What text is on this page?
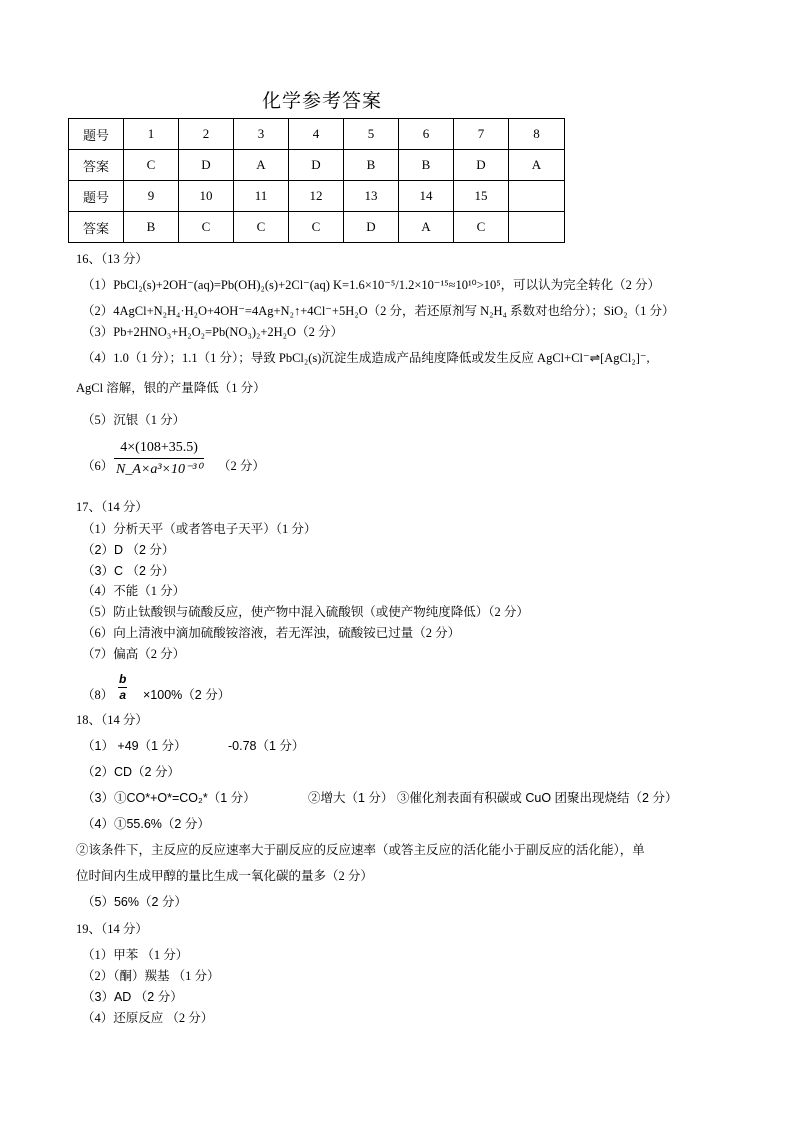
化学参考答案
题号	1	2	3	4	5	6	7	8
答案	C	D	A	D	B	B	D	A
题号	9	10	11	12	13	14	15	
答案	B	C	C	C	D	A	C	
16、（13 分）
（1）PbCl₂(s)+2OH⁻(aq)=Pb(OH)₂(s)+2Cl⁻(aq) K=1.6×10⁻⁵/1.2×10⁻¹⁵≈10¹⁰>10⁵，可以认为完全转化（2 分）
（2）4AgCl+N₂H₄·H₂O+4OH⁻=4Ag+N₂↑+4Cl⁻+5H₂O（2 分，若还原剂写 N₂H₄ 系数对也给分）；SiO₂（1 分）
（3）Pb+2HNO₃+H₂O₂=Pb(NO₃)₂+2H₂O（2 分）
（4）1.0（1 分）；1.1（1 分）；导致 PbCl₂(s)沉淀生成造成产品纯度降低或发生反应 AgCl+Cl⁻⇌[AgCl₂]⁻,
AgCl 溶解，银的产量降低（1 分）
（5）沉银（1 分）
$(6) \frac{4\times(108+35.5)}{\text{N\_A×a³×10⁻³⁰}} (2$ 分）
17、（14 分）
（1）分析天平（或者答电子天平）（1 分）
（2）D （2 分）
（3）C （2 分）
（4）不能（1 分）
（5）防止钛酸钡与硫酸反应，使产物中混入硫酸钡（或使产物纯度降低）（2 分）
（6）向上清液中滴加硫酸铵溶液，若无浑浊，硫酸铵已过量（2 分）
（7）偏高（2 分）
$(8) \frac{b}{a} \times 100\%(2$ 分）
18、（14 分）
（1） +49（1 分）	-0.78（1 分）
（2）CD（2 分）
（3）①CO*+O*=CO₂*（1 分）	②增大（1 分） ③催化剂表面有积碳或 CuO 团聚出现烧结（2 分）
（4）①55.6%（2 分）
②该条件下，主反应的反应速率大于副反应的反应速率（或答主反应的活化能小于副反应的活化能），单
位时间内生成甲醇的量比生成一氧化碳的量多（2 分）
（5）56%（2 分）
19、（14 分）
（1）甲苯 （1 分）
（2）（酮）羰基 （1 分）
（3）AD （2 分）
（4）还原反应 （2 分）
